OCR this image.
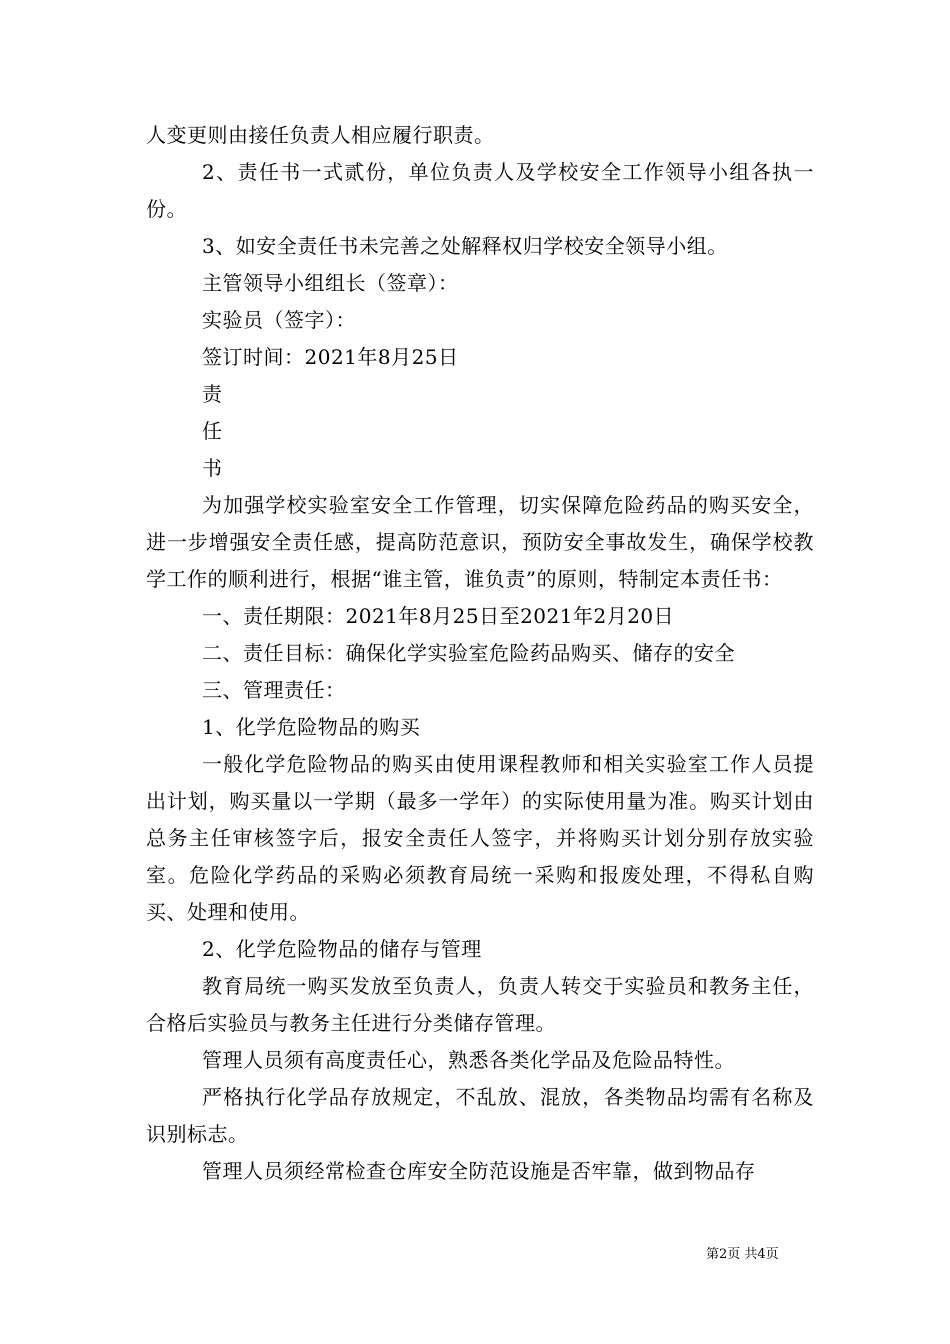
人变更则由接任负责人相应履行职责。

2、责任书一式贰份，单位负责人及学校安全工作领导小组各执一份。

3、如安全责任书未完善之处解释权归学校安全领导小组。

主管领导小组组长（签章）：

实验员（签字）：

签订时间：2021年8月25日

责

任

书

为加强学校实验室安全工作管理，切实保障危险药品的购买安全，进一步增强安全责任感，提高防范意识，预防安全事故发生，确保学校教学工作的顺利进行，根据“谁主管，谁负责”的原则，特制定本责任书：

一、责任期限：2021年8月25日至2021年2月20日

二、责任目标：确保化学实验室危险药品购买、储存的安全

三、管理责任：

1、化学危险物品的购买

一般化学危险物品的购买由使用课程教师和相关实验室工作人员提出计划，购买量以一学期（最多一学年）的实际使用量为准。购买计划由总务主任审核签字后，报安全责任人签字，并将购买计划分别存放实验室。危险化学药品的采购必须教育局统一采购和报废处理，不得私自购买、处理和使用。

2、化学危险物品的储存与管理

教育局统一购买发放至负责人，负责人转交于实验员和教务主任，合格后实验员与教务主任进行分类储存管理。

管理人员须有高度责任心，熟悉各类化学品及危险品特性。

严格执行化学品存放规定，不乱放、混放，各类物品均需有名称及识别标志。

管理人员须经常检查仓库安全防范设施是否牢靠，做到物品存

第2页 共4页
